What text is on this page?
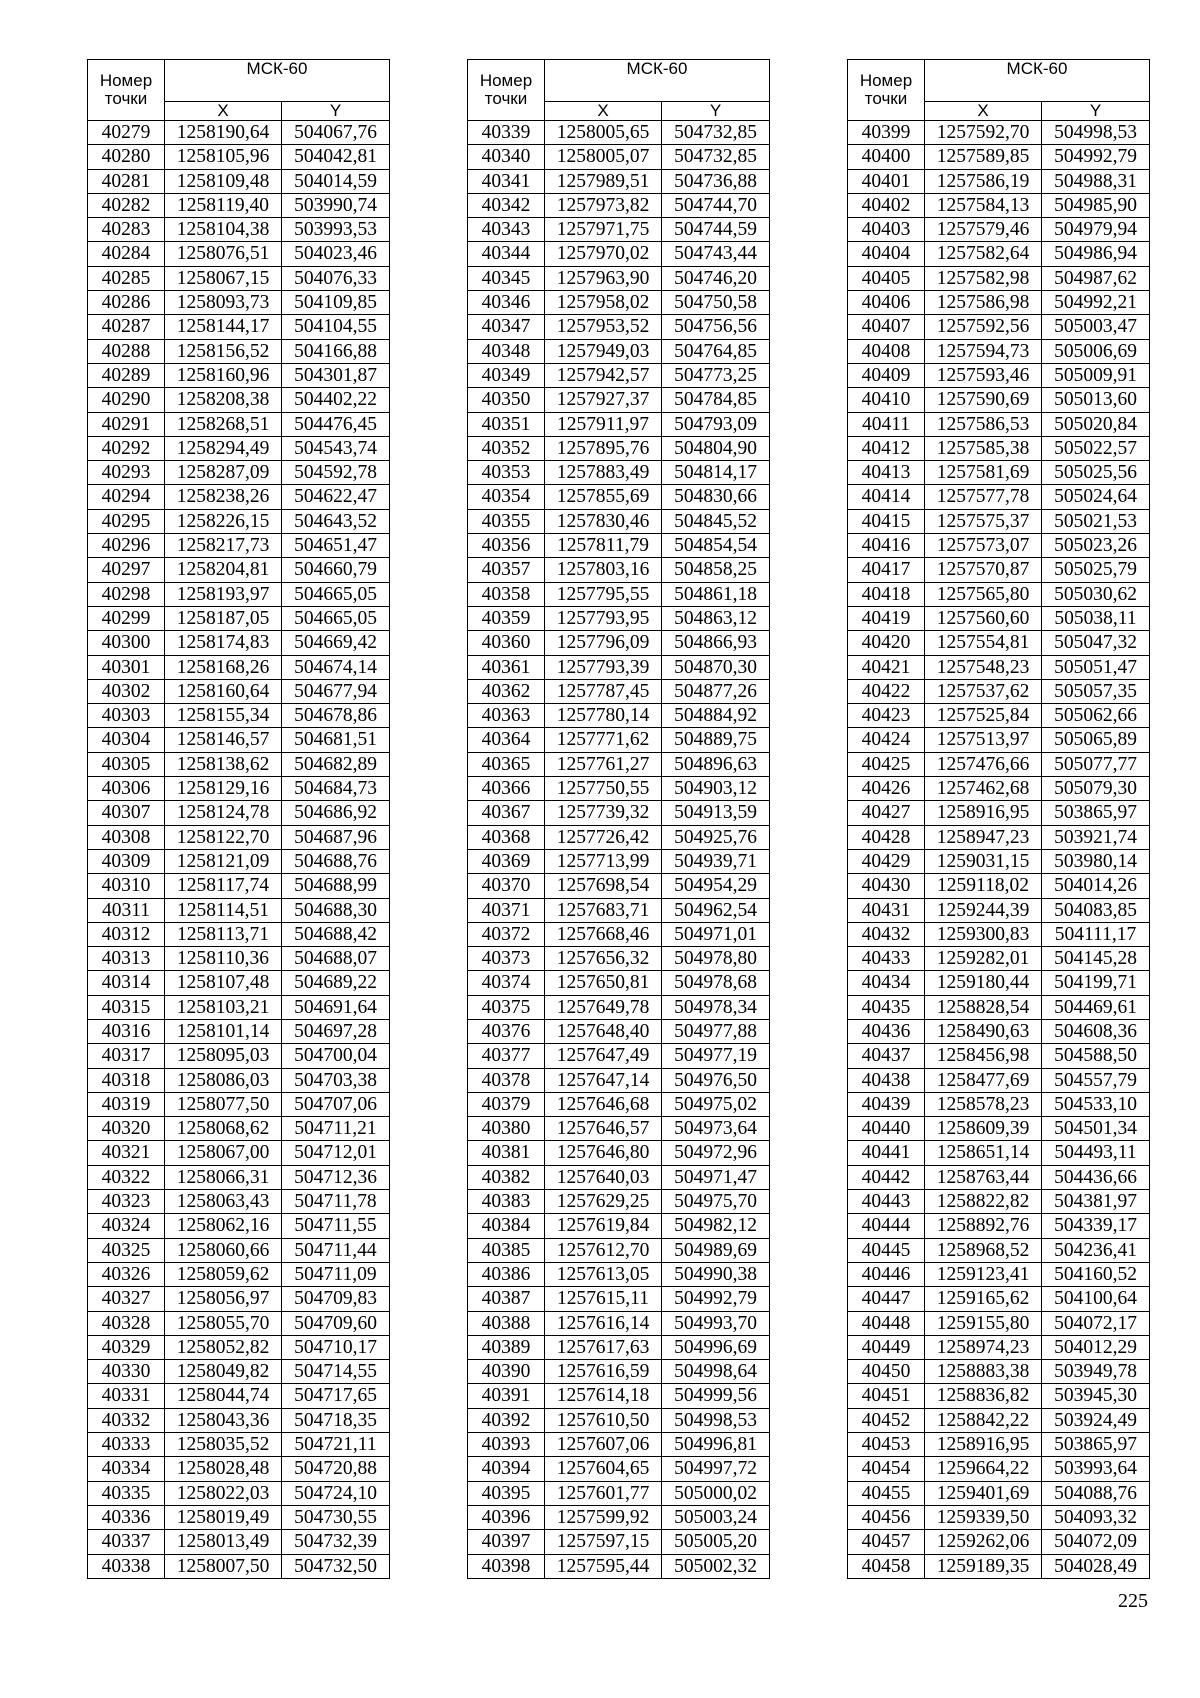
Номер
точки	МСК-60	
	X	Y
40279	1258190,64	504067,76
40280	1258105,96	504042,81
40281	1258109,48	504014,59
40282	1258119,40	503990,74
40283	1258104,38	503993,53
40284	1258076,51	504023,46
40285	1258067,15	504076,33
40286	1258093,73	504109,85
40287	1258144,17	504104,55
40288	1258156,52	504166,88
40289	1258160,96	504301,87
40290	1258208,38	504402,22
40291	1258268,51	504476,45
40292	1258294,49	504543,74
40293	1258287,09	504592,78
40294	1258238,26	504622,47
40295	1258226,15	504643,52
40296	1258217,73	504651,47
40297	1258204,81	504660,79
40298	1258193,97	504665,05
40299	1258187,05	504665,05
40300	1258174,83	504669,42
40301	1258168,26	504674,14
40302	1258160,64	504677,94
40303	1258155,34	504678,86
40304	1258146,57	504681,51
40305	1258138,62	504682,89
40306	1258129,16	504684,73
40307	1258124,78	504686,92
40308	1258122,70	504687,96
40309	1258121,09	504688,76
40310	1258117,74	504688,99
40311	1258114,51	504688,30
40312	1258113,71	504688,42
40313	1258110,36	504688,07
40314	1258107,48	504689,22
40315	1258103,21	504691,64
40316	1258101,14	504697,28
40317	1258095,03	504700,04
40318	1258086,03	504703,38
40319	1258077,50	504707,06
40320	1258068,62	504711,21
40321	1258067,00	504712,01
40322	1258066,31	504712,36
40323	1258063,43	504711,78
40324	1258062,16	504711,55
40325	1258060,66	504711,44
40326	1258059,62	504711,09
40327	1258056,97	504709,83
40328	1258055,70	504709,60
40329	1258052,82	504710,17
40330	1258049,82	504714,55
40331	1258044,74	504717,65
40332	1258043,36	504718,35
40333	1258035,52	504721,11
40334	1258028,48	504720,88
40335	1258022,03	504724,10
40336	1258019,49	504730,55
40337	1258013,49	504732,39
40338	1258007,50	504732,50
Номер
точки	МСК-60	
	X	Y
40339	1258005,65	504732,85
40340	1258005,07	504732,85
40341	1257989,51	504736,88
40342	1257973,82	504744,70
40343	1257971,75	504744,59
40344	1257970,02	504743,44
40345	1257963,90	504746,20
40346	1257958,02	504750,58
40347	1257953,52	504756,56
40348	1257949,03	504764,85
40349	1257942,57	504773,25
40350	1257927,37	504784,85
40351	1257911,97	504793,09
40352	1257895,76	504804,90
40353	1257883,49	504814,17
40354	1257855,69	504830,66
40355	1257830,46	504845,52
40356	1257811,79	504854,54
40357	1257803,16	504858,25
40358	1257795,55	504861,18
40359	1257793,95	504863,12
40360	1257796,09	504866,93
40361	1257793,39	504870,30
40362	1257787,45	504877,26
40363	1257780,14	504884,92
40364	1257771,62	504889,75
40365	1257761,27	504896,63
40366	1257750,55	504903,12
40367	1257739,32	504913,59
40368	1257726,42	504925,76
40369	1257713,99	504939,71
40370	1257698,54	504954,29
40371	1257683,71	504962,54
40372	1257668,46	504971,01
40373	1257656,32	504978,80
40374	1257650,81	504978,68
40375	1257649,78	504978,34
40376	1257648,40	504977,88
40377	1257647,49	504977,19
40378	1257647,14	504976,50
40379	1257646,68	504975,02
40380	1257646,57	504973,64
40381	1257646,80	504972,96
40382	1257640,03	504971,47
40383	1257629,25	504975,70
40384	1257619,84	504982,12
40385	1257612,70	504989,69
40386	1257613,05	504990,38
40387	1257615,11	504992,79
40388	1257616,14	504993,70
40389	1257617,63	504996,69
40390	1257616,59	504998,64
40391	1257614,18	504999,56
40392	1257610,50	504998,53
40393	1257607,06	504996,81
40394	1257604,65	504997,72
40395	1257601,77	505000,02
40396	1257599,92	505003,24
40397	1257597,15	505005,20
40398	1257595,44	505002,32
Номер
точки	МСК-60	
	X	Y
40399	1257592,70	504998,53
40400	1257589,85	504992,79
40401	1257586,19	504988,31
40402	1257584,13	504985,90
40403	1257579,46	504979,94
40404	1257582,64	504986,94
40405	1257582,98	504987,62
40406	1257586,98	504992,21
40407	1257592,56	505003,47
40408	1257594,73	505006,69
40409	1257593,46	505009,91
40410	1257590,69	505013,60
40411	1257586,53	505020,84
40412	1257585,38	505022,57
40413	1257581,69	505025,56
40414	1257577,78	505024,64
40415	1257575,37	505021,53
40416	1257573,07	505023,26
40417	1257570,87	505025,79
40418	1257565,80	505030,62
40419	1257560,60	505038,11
40420	1257554,81	505047,32
40421	1257548,23	505051,47
40422	1257537,62	505057,35
40423	1257525,84	505062,66
40424	1257513,97	505065,89
40425	1257476,66	505077,77
40426	1257462,68	505079,30
40427	1258916,95	503865,97
40428	1258947,23	503921,74
40429	1259031,15	503980,14
40430	1259118,02	504014,26
40431	1259244,39	504083,85
40432	1259300,83	504111,17
40433	1259282,01	504145,28
40434	1259180,44	504199,71
40435	1258828,54	504469,61
40436	1258490,63	504608,36
40437	1258456,98	504588,50
40438	1258477,69	504557,79
40439	1258578,23	504533,10
40440	1258609,39	504501,34
40441	1258651,14	504493,11
40442	1258763,44	504436,66
40443	1258822,82	504381,97
40444	1258892,76	504339,17
40445	1258968,52	504236,41
40446	1259123,41	504160,52
40447	1259165,62	504100,64
40448	1259155,80	504072,17
40449	1258974,23	504012,29
40450	1258883,38	503949,78
40451	1258836,82	503945,30
40452	1258842,22	503924,49
40453	1258916,95	503865,97
40454	1259664,22	503993,64
40455	1259401,69	504088,76
40456	1259339,50	504093,32
40457	1259262,06	504072,09
40458	1259189,35	504028,49
225
